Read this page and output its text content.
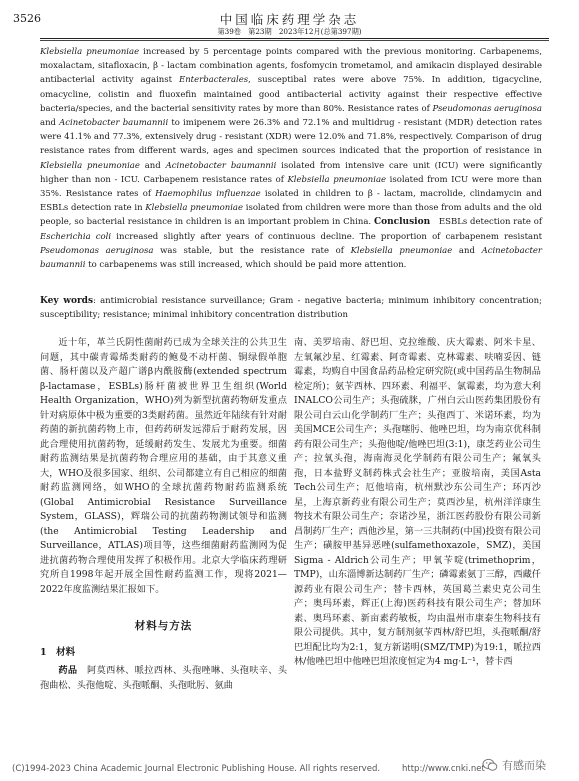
3526	中国临床药理学杂志
第39卷　第23期　2023年12月(总第397期)

Klebsiella pneumoniae increased by 5 percentage points compared with the previous monitoring. Carbapenems, moxalactam, sitafloxacin, β - lactam combination agents, fosfomycin trometamol, and amikacin displayed desirable antibacterial activity against Enterbacterales, susceptibal rates were above 75%. In addition, tigacycline, omacycline, colistin and fluoxefin maintained good antibacterial activity against their respective effective bacteria/species, and the bacterial sensitivity rates by more than 80%. Resistance rates of Pseudomonas aeruginosa and Acinetobacter baumannii to imipenem were 26.3% and 72.1% and multidrug - resistant (MDR) detection rates were 41.1% and 77.3%, extensively drug - resistant (XDR) were 12.0% and 71.8%, respectively. Comparison of drug resistance rates from different wards, ages and specimen sources indicated that the proportion of resistance in Klebsiella pneumoniae and Acinetobacter baumannii isolated from intensive care unit (ICU) were significantly higher than non - ICU. Carbapenem resistance rates of Klebsiella pneumoniae isolated from ICU were more than 35%. Resistance rates of Haemophilus influenzae isolated in children to β - lactam, macrolide, clindamycin and ESBLs detection rate in Klebsiella pneumoniae isolated from children were more than those from adults and the old people, so bacterial resistance in children is an important problem in China. Conclusion　ESBLs detection rate of Escherichia coli increased slightly after years of continuous decline. The proportion of carbapenem resistant Pseudomonas aeruginosa was stable, but the resistance rate of Klebsiella pneumoniae and Acinetobacter baumannii to carbapenems was still increased, which should be paid more attention.

Key words: antimicrobial resistance surveillance; Gram - negative bacteria; minimum inhibitory concentration; susceptibility; resistance; minimal inhibitory concentration distribution

近十年，革兰氏阴性菌耐药已成为全球关注的公共卫生问题，其中碳青霉烯类耐药的鲍曼不动杆菌、铜绿假单胞菌、肠杆菌以及产超广谱β内酰胺酶(extended spectrum β-lactamase，ESBLs)肠杆菌被世界卫生组织(World Health Organization，WHO)列为新型抗菌药物研发重点针对病原体中极为重要的3类耐药菌。虽然近年陆续有针对耐药菌的新抗菌药物上市，但药药研发远滞后于耐药发展，因此合理使用抗菌药物，延缓耐药发生、发展尤为重要。细菌耐药监测结果是抗菌药物合理应用的基础，由于其意义重大，WHO及很多国家、组织、公司都建立有自己相应的细菌耐药监测网络，如WHO的全球抗菌药物耐药监测系统(Global Antimicrobial Resistance Surveillance System，GLASS)，辉瑞公司的抗菌药物测试领导和监测(the Antimicrobial Testing Leadership and Surveillance，ATLAS)项目等，这些细菌耐药监测网为促进抗菌药物合理使用发挥了积极作用。北京大学临床药理研究所自1998年起开展全国性耐药监测工作，现将2021—2022年度监测结果汇报如下。

材料与方法

1　材料

药品　阿莫西林、哌拉西林、头孢唑啉、头孢呋辛、头孢曲松、头孢他啶、头孢哌酮、头孢吡肟、氨曲

南、美罗培南、舒巴坦、克拉维酸、庆大霉素、阿米卡星、左氧氟沙星、红霉素、阿奇霉素、克林霉素、呋喃妥因、链霉素，均购自中国食品药品检定研究院(或中国药品生物制品检定所)；氨苄西林、四环素、利福平、氯霉素，均为意大利INALCO公司生产；头孢硫脒，广州白云山医药集团股份有限公司白云山化学制药厂生产；头孢西丁、米诺环素，均为美国MCE公司生产；头孢噻肟、他唑巴坦，均为南京优科制药有限公司生产；头孢他啶/他唑巴坦(3:1)，康芝药业公司生产；拉氧头孢，海南海灵化学制药有限公司生产；氟氧头孢，日本盐野义制药株式会社生产；亚胺培南，美国Asta Tech公司生产；厄他培南，杭州默沙东公司生产；环丙沙星，上海京新药业有限公司生产；莫西沙星，杭州洋洋康生物技术有限公司生产；奈诺沙星，浙江医药股份有限公司新昌制药厂生产；西他沙星，第一三共制药(中国)投资有限公司生产；磺胺甲基异恶唑(sulfamethoxazole，SMZ)，美国Sigma - Aldrich公司生产；甲氧苄啶(trimethoprim，TMP)，山东淄博新达制药厂生产；磷霉素氨丁三醇，西藏仟源药业有限公司生产；替卡西林，英国葛兰素史克公司生产；奥玛环素，辉正(上海)医药科技有限公司生产；替加环素、奥玛环素、新亩素药敏板，均由温州市康泰生物科技有限公司提供。其中，复方制剂氨苄西林/舒巴坦，头孢哌酮/舒巴坦配比均为2:1，复方新诺明(SMZ/TMP)为19:1，哌拉西林/他唑巴坦中他唑巴坦浓度恒定为4 mg·L⁻¹，替卡西

(C)1994-2023 China Academic Journal Electronic Publishing House. All rights reserved.	http://www.cnki.net 有感而染
